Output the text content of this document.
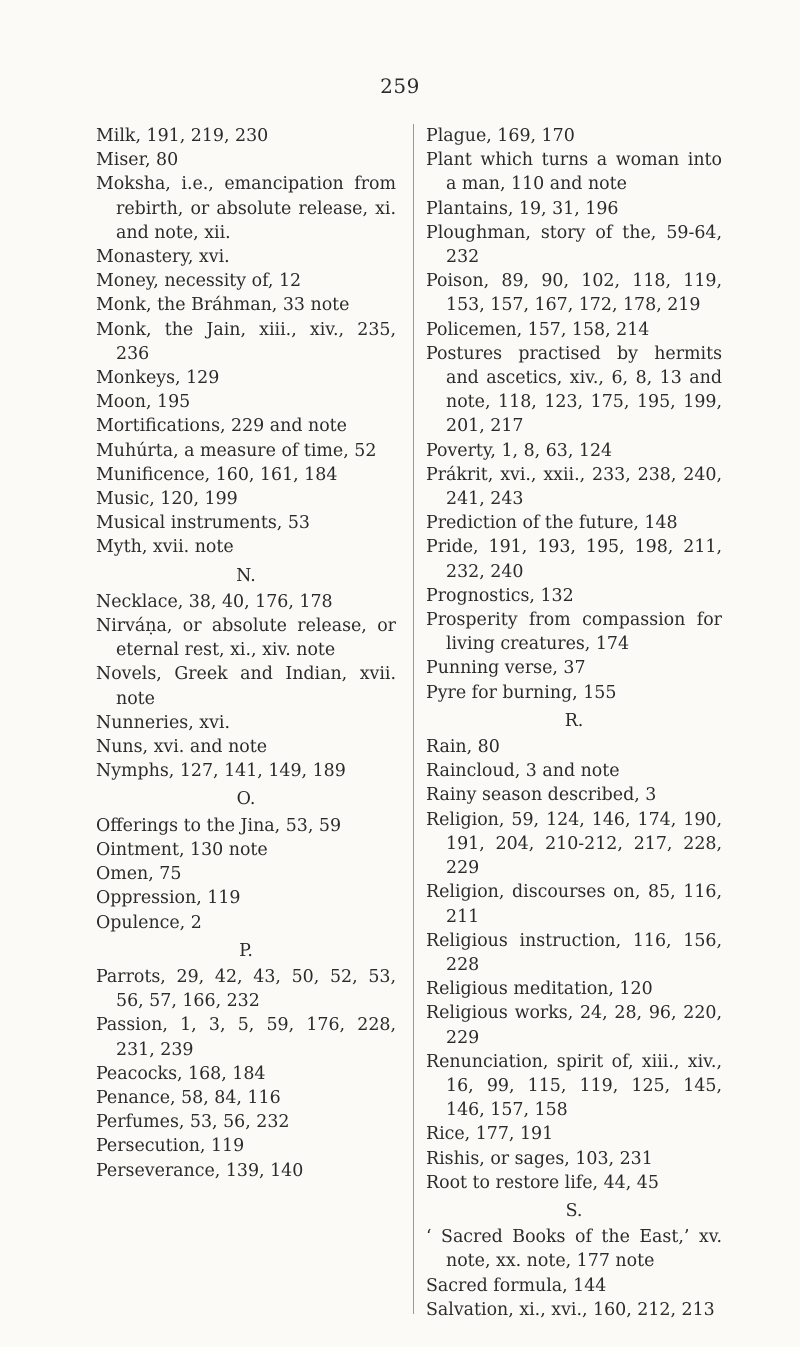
259
Milk, 191, 219, 230
Miser, 80
Moksha, i.e., emancipation from rebirth, or absolute release, xi. and note, xii.
Monastery, xvi.
Money, necessity of, 12
Monk, the Bráhman, 33 note
Monk, the Jain, xiii., xiv., 235, 236
Monkeys, 129
Moon, 195
Mortifications, 229 and note
Muhúrta, a measure of time, 52
Munificence, 160, 161, 184
Music, 120, 199
Musical instruments, 53
Myth, xvii. note
N.
Necklace, 38, 40, 176, 178
Nirváṇa, or absolute release, or eternal rest, xi., xiv. note
Novels, Greek and Indian, xvii. note
Nunneries, xvi.
Nuns, xvi. and note
Nymphs, 127, 141, 149, 189
O.
Offerings to the Jina, 53, 59
Ointment, 130 note
Omen, 75
Oppression, 119
Opulence, 2
P.
Parrots, 29, 42, 43, 50, 52, 53, 56, 57, 166, 232
Passion, 1, 3, 5, 59, 176, 228, 231, 239
Peacocks, 168, 184
Penance, 58, 84, 116
Perfumes, 53, 56, 232
Persecution, 119
Perseverance, 139, 140
Plague, 169, 170
Plant which turns a woman into a man, 110 and note
Plantains, 19, 31, 196
Ploughman, story of the, 59-64, 232
Poison, 89, 90, 102, 118, 119, 153, 157, 167, 172, 178, 219
Policemen, 157, 158, 214
Postures practised by hermits and ascetics, xiv., 6, 8, 13 and note, 118, 123, 175, 195, 199, 201, 217
Poverty, 1, 8, 63, 124
Prákrit, xvi., xxii., 233, 238, 240, 241, 243
Prediction of the future, 148
Pride, 191, 193, 195, 198, 211, 232, 240
Prognostics, 132
Prosperity from compassion for living creatures, 174
Punning verse, 37
Pyre for burning, 155
R.
Rain, 80
Raincloud, 3 and note
Rainy season described, 3
Religion, 59, 124, 146, 174, 190, 191, 204, 210-212, 217, 228, 229
Religion, discourses on, 85, 116, 211
Religious instruction, 116, 156, 228
Religious meditation, 120
Religious works, 24, 28, 96, 220, 229
Renunciation, spirit of, xiii., xiv., 16, 99, 115, 119, 125, 145, 146, 157, 158
Rice, 177, 191
Rishis, or sages, 103, 231
Root to restore life, 44, 45
S.
‘ Sacred Books of the East,’ xv. note, xx. note, 177 note
Sacred formula, 144
Salvation, xi., xvi., 160, 212, 213
